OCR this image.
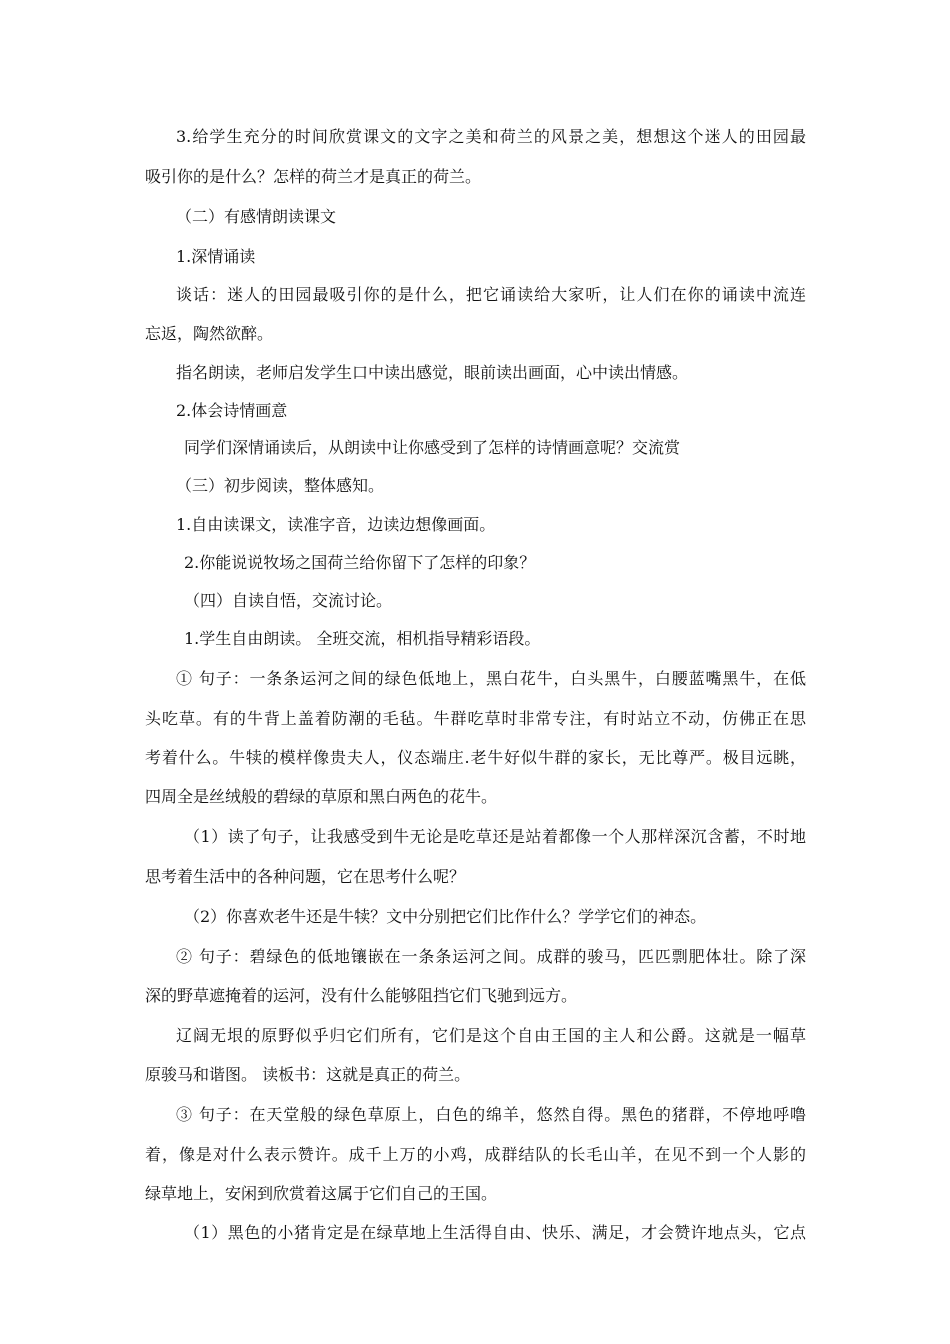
3.给学生充分的时间欣赏课文的文字之美和荷兰的风景之美，想想这个迷人的田园最

吸引你的是什么？怎样的荷兰才是真正的荷兰。

（二）有感情朗读课文

1.深情诵读

谈话：迷人的田园最吸引你的是什么，把它诵读给大家听，让人们在你的诵读中流连

忘返，陶然欲醉。

指名朗读，老师启发学生口中读出感觉，眼前读出画面，心中读出情感。

2.体会诗情画意

同学们深情诵读后，从朗读中让你感受到了怎样的诗情画意呢？交流赏

（三）初步阅读，整体感知。

1.自由读课文，读准字音，边读边想像画面。

2.你能说说牧场之国荷兰给你留下了怎样的印象？

（四）自读自悟，交流讨论。

1.学生自由朗读。 全班交流，相机指导精彩语段。

① 句子：一条条运河之间的绿色低地上，黑白花牛，白头黑牛，白腰蓝嘴黑牛，在低

头吃草。有的牛背上盖着防潮的毛毡。牛群吃草时非常专注，有时站立不动，仿佛正在思

考着什么。牛犊的模样像贵夫人，仪态端庄.老牛好似牛群的家长，无比尊严。极目远眺，

四周全是丝绒般的碧绿的草原和黑白两色的花牛。

（1）读了句子，让我感受到牛无论是吃草还是站着都像一个人那样深沉含蓄，不时地

思考着生活中的各种问题，它在思考什么呢？

（2）你喜欢老牛还是牛犊？文中分别把它们比作什么？学学它们的神态。

② 句子：碧绿色的低地镶嵌在一条条运河之间。成群的骏马，匹匹剽肥体壮。除了深

深的野草遮掩着的运河，没有什么能够阻挡它们飞驰到远方。

辽阔无垠的原野似乎归它们所有，它们是这个自由王国的主人和公爵。这就是一幅草

原骏马和谐图。 读板书：这就是真正的荷兰。

③ 句子：在天堂般的绿色草原上，白色的绵羊，悠然自得。黑色的猪群，不停地呼噜

着，像是对什么表示赞许。成千上万的小鸡，成群结队的长毛山羊，在见不到一个人影的

绿草地上，安闲到欣赏着这属于它们自己的王国。

（1）黑色的小猪肯定是在绿草地上生活得自由、快乐、满足，才会赞许地点头，它点
